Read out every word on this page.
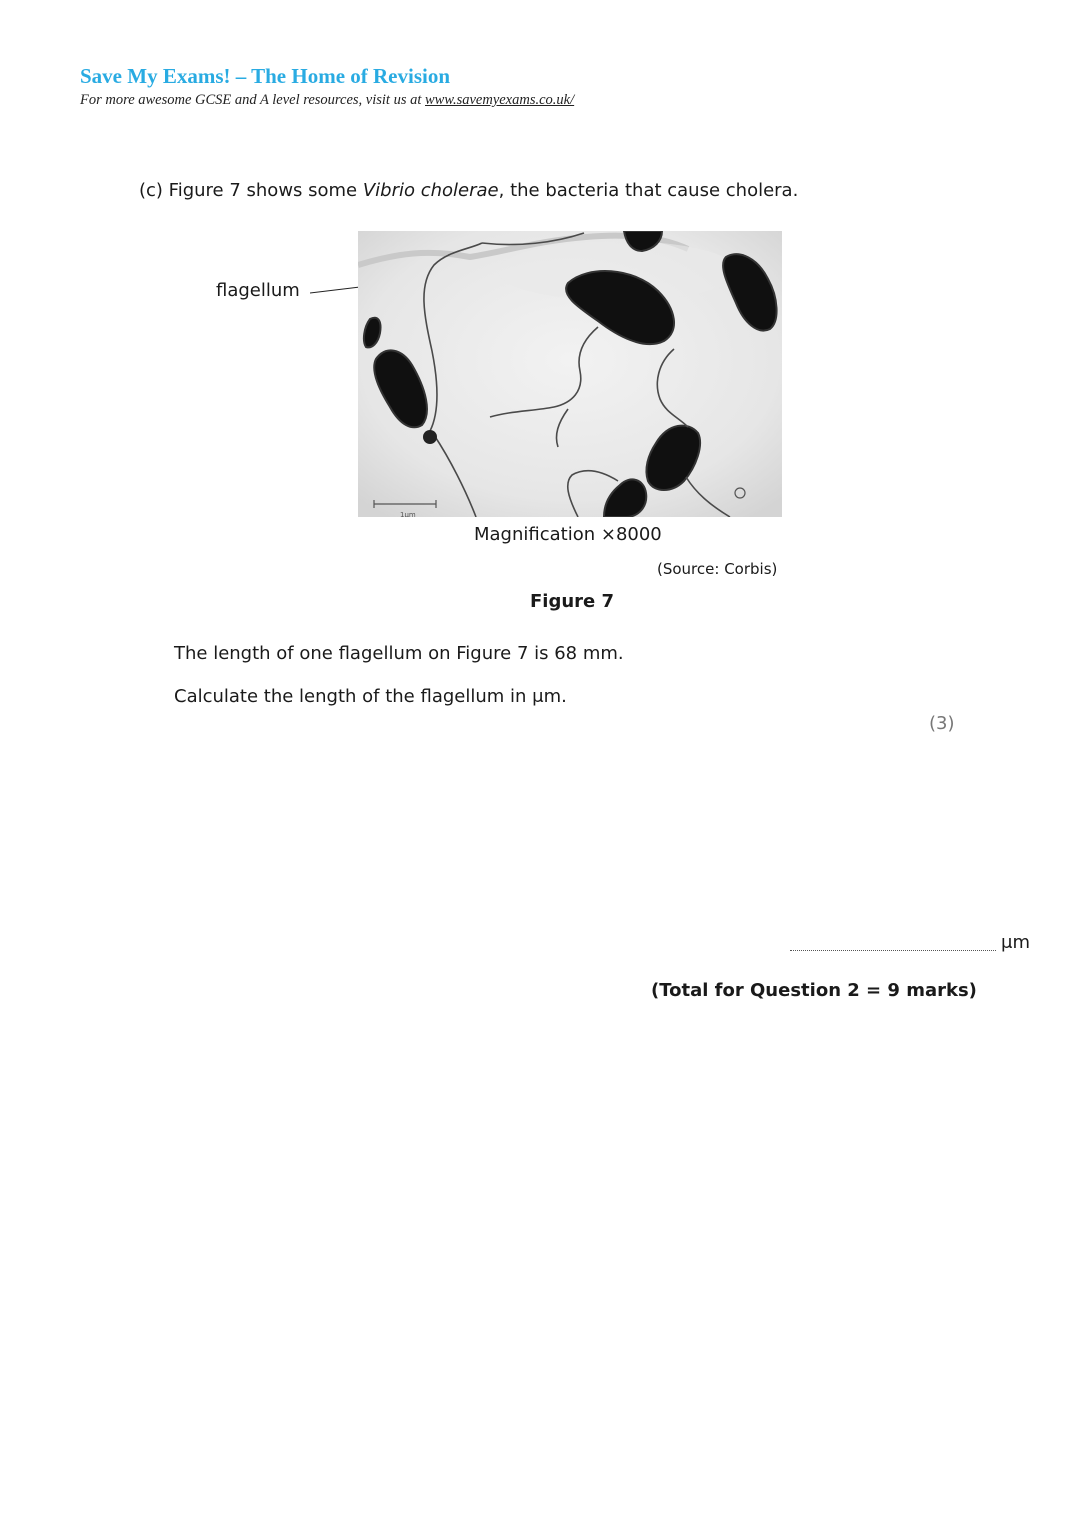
Save My Exams! – The Home of Revision
For more awesome GCSE and A level resources, visit us at www.savemyexams.co.uk/
(c) Figure 7 shows some Vibrio cholerae, the bacteria that cause cholera.
flagellum
1μm
Magnification ×8000
(Source: Corbis)
Figure 7
The length of one flagellum on Figure 7 is 68 mm.
Calculate the length of the flagellum in μm.
(3)
μm
(Total for Question 2 = 9 marks)
